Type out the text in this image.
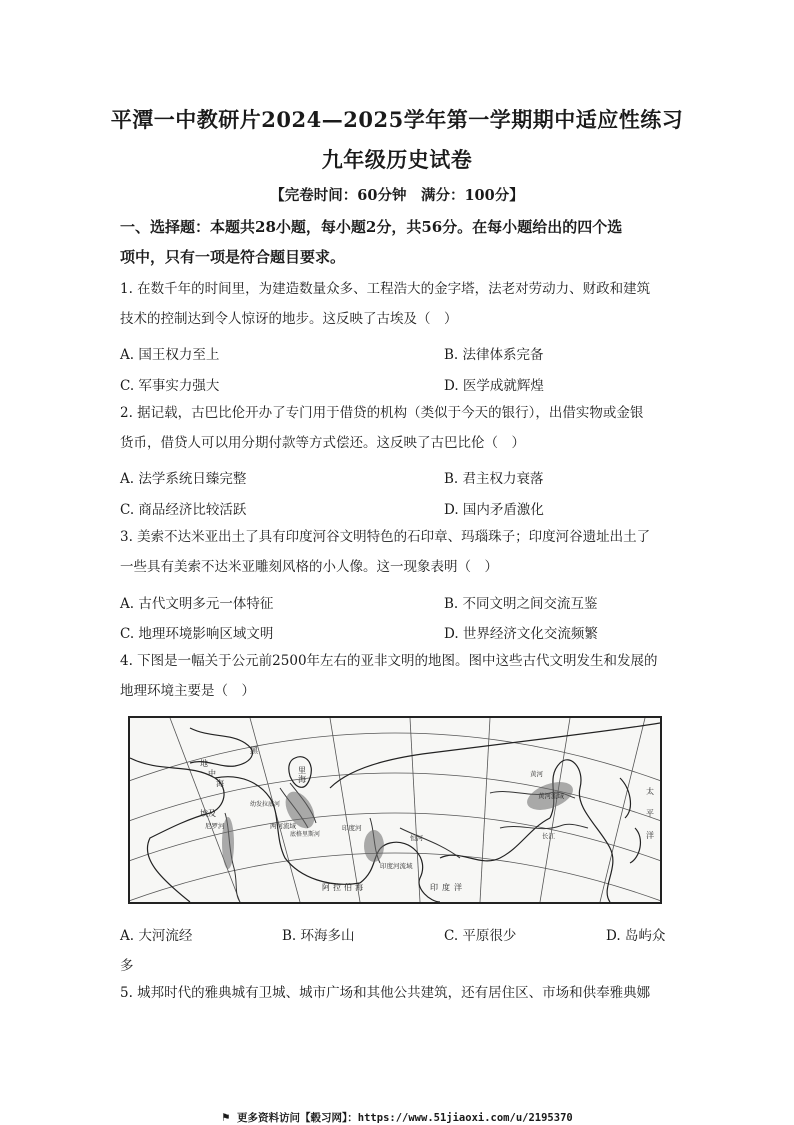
平潭一中教研片2024—2025学年第一学期期中适应性练习
九年级历史试卷
【完卷时间：60分钟　满分：100分】
一、选择题：本题共28小题，每小题2分，共56分。在每小题给出的四个选
项中，只有一项是符合题目要求。
1. 在数千年的时间里，为建造数量众多、工程浩大的金字塔，法老对劳动力、财政和建筑
技术的控制达到令人惊讶的地步。这反映了古埃及（　）
A. 国王权力至上	B. 法律体系完备
C. 军事实力强大	D. 医学成就辉煌
2. 据记载，古巴比伦开办了专门用于借贷的机构（类似于今天的银行），出借实物或金银
货币，借贷人可以用分期付款等方式偿还。这反映了古巴比伦（　）
A. 法学系统日臻完整	B. 君主权力衰落
C. 商品经济比较活跃	D. 国内矛盾激化
3. 美索不达米亚出土了具有印度河谷文明特色的石印章、玛瑙珠子；印度河谷遗址出土了
一些具有美索不达米亚雕刻风格的小人像。这一现象表明（　）
A. 古代文明多元一体特征	B. 不同文明之间交流互鉴
C. 地理环境影响区域文明	D. 世界经济文化交流频繁
4. 下图是一幅关于公元前2500年左右的亚非文明的地图。图中这些古代文明发生和发展的
地理环境主要是（　）
地
中
海
黑
里
海
埃及
尼罗河	两河流域
幼发拉底河
底格里斯河
印度河
恒河
印度河流域
黄河
长江
黄河流域	太
平
洋
印 度 洋
阿 拉 伯 海
A. 大河流经	B. 环海多山	C. 平原很少	D. 岛屿众
多
5. 城邦时代的雅典城有卫城、城市广场和其他公共建筑，还有居住区、市场和供奉雅典娜
⚑ 更多资料访问【毂习网】：https://www.51jiaoxi.com/u/2195370
